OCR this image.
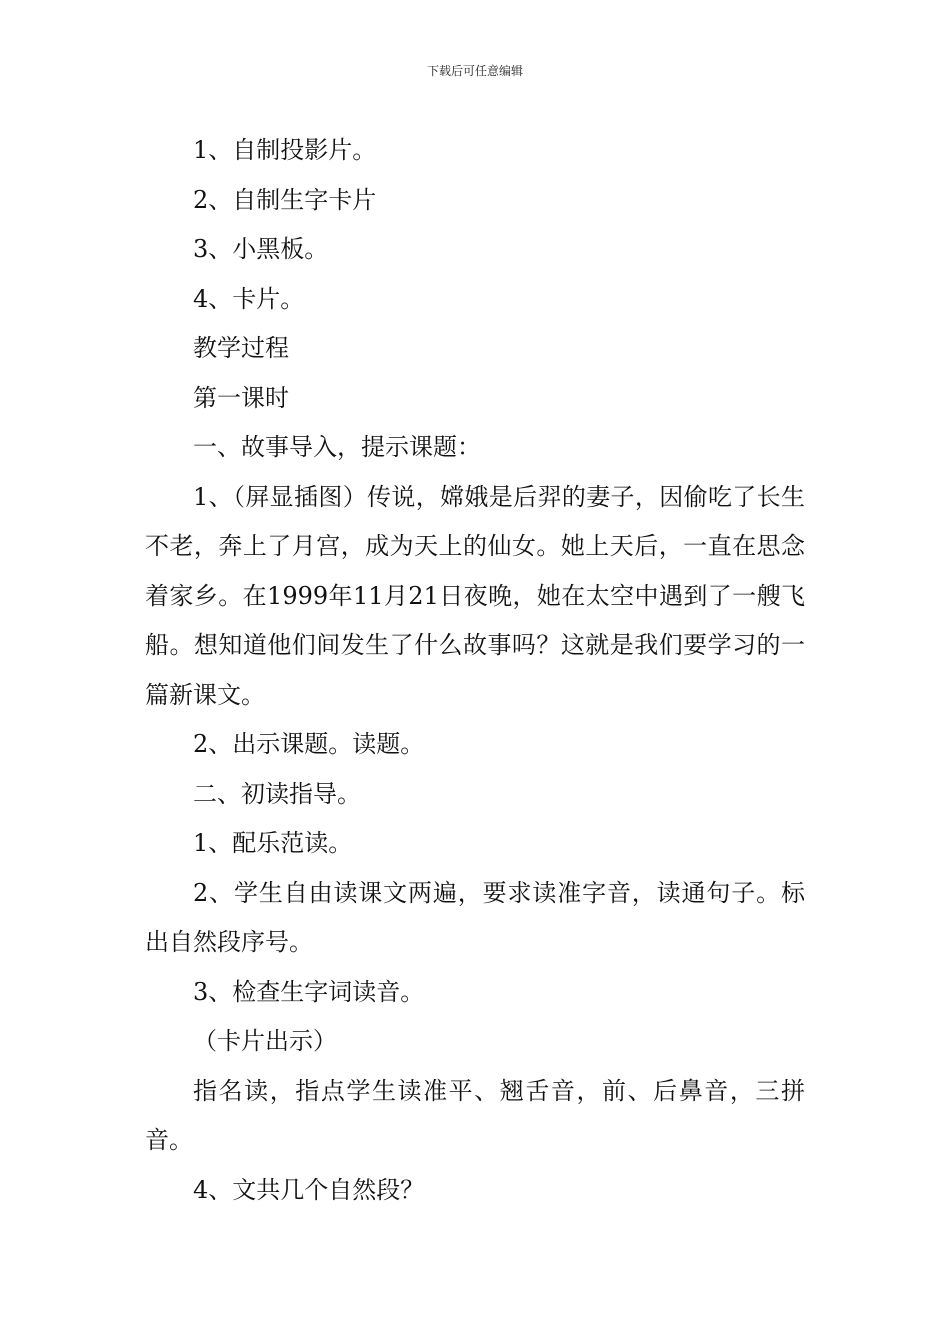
下载后可任意编辑

1、自制投影片。

2、自制生字卡片

3、小黑板。

4、卡片。

教学过程

第一课时

一、故事导入，提示课题：

1、（屏显插图）传说，嫦娥是后羿的妻子，因偷吃了长生不老，奔上了月宫，成为天上的仙女。她上天后，一直在思念着家乡。在1999年11月21日夜晚，她在太空中遇到了一艘飞船。想知道他们间发生了什么故事吗？这就是我们要学习的一篇新课文。

2、出示课题。读题。

二、初读指导。

1、配乐范读。

2、学生自由读课文两遍，要求读准字音，读通句子。标出自然段序号。

3、检查生字词读音。

（卡片出示）

指名读，指点学生读准平、翘舌音，前、后鼻音，三拼音。

4、文共几个自然段？
